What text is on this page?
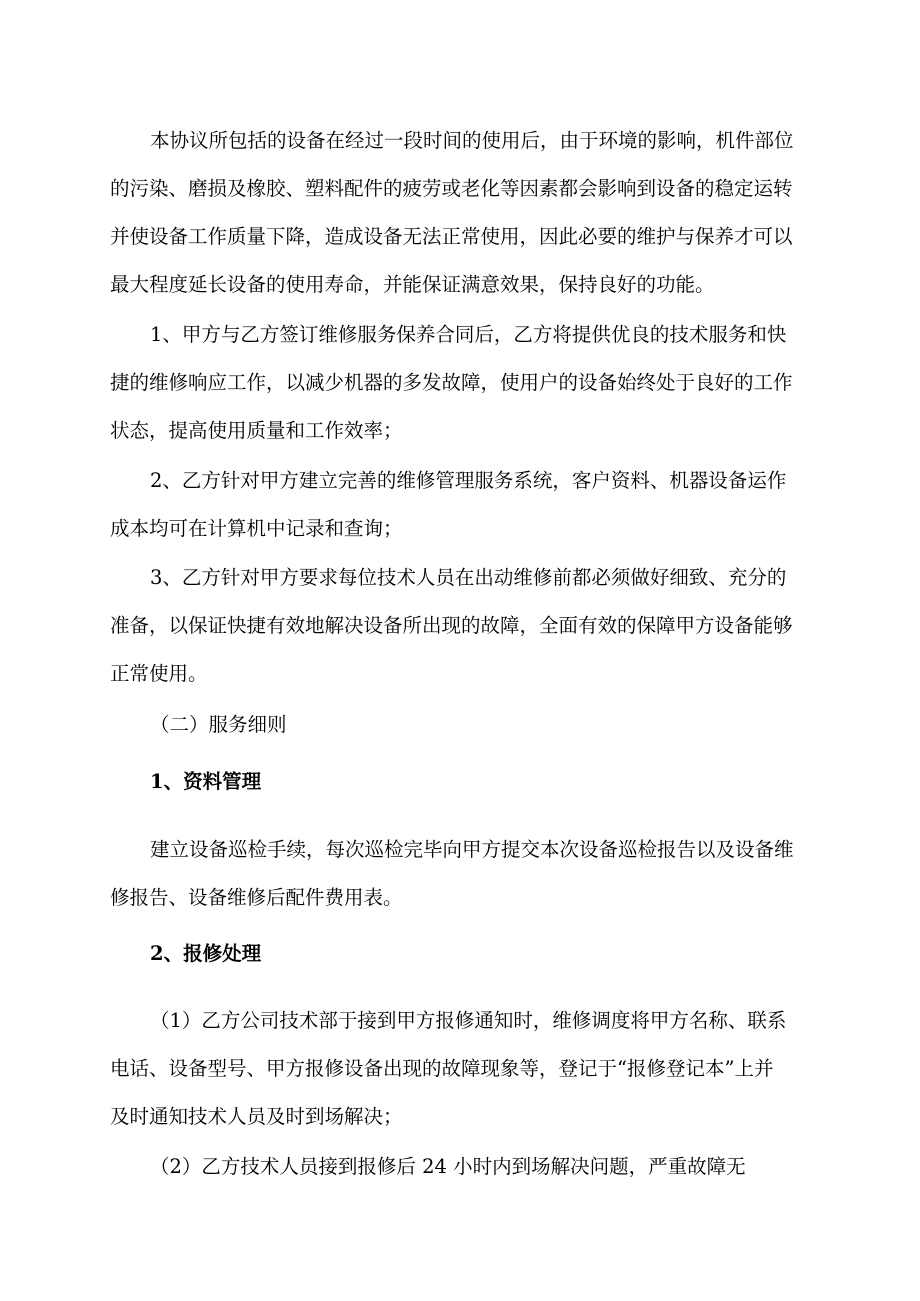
本协议所包括的设备在经过一段时间的使用后，由于环境的影响，机件部位
的污染、磨损及橡胶、塑料配件的疲劳或老化等因素都会影响到设备的稳定运转
并使设备工作质量下降，造成设备无法正常使用，因此必要的维护与保养才可以
最大程度延长设备的使用寿命，并能保证满意效果，保持良好的功能。
1、甲方与乙方签订维修服务保养合同后，乙方将提供优良的技术服务和快
捷的维修响应工作，以减少机器的多发故障，使用户的设备始终处于良好的工作
状态，提高使用质量和工作效率；
2、乙方针对甲方建立完善的维修管理服务系统，客户资料、机器设备运作
成本均可在计算机中记录和查询；
3、乙方针对甲方要求每位技术人员在出动维修前都必须做好细致、充分的
准备，以保证快捷有效地解决设备所出现的故障，全面有效的保障甲方设备能够
正常使用。
（二）服务细则
1、资料管理
建立设备巡检手续，每次巡检完毕向甲方提交本次设备巡检报告以及设备维
修报告、设备维修后配件费用表。
2、报修处理
（1）乙方公司技术部于接到甲方报修通知时，维修调度将甲方名称、联系
电话、设备型号、甲方报修设备出现的故障现象等，登记于“报修登记本”上并
及时通知技术人员及时到场解决；
（2）乙方技术人员接到报修后 24 小时内到场解决问题，严重故障无
